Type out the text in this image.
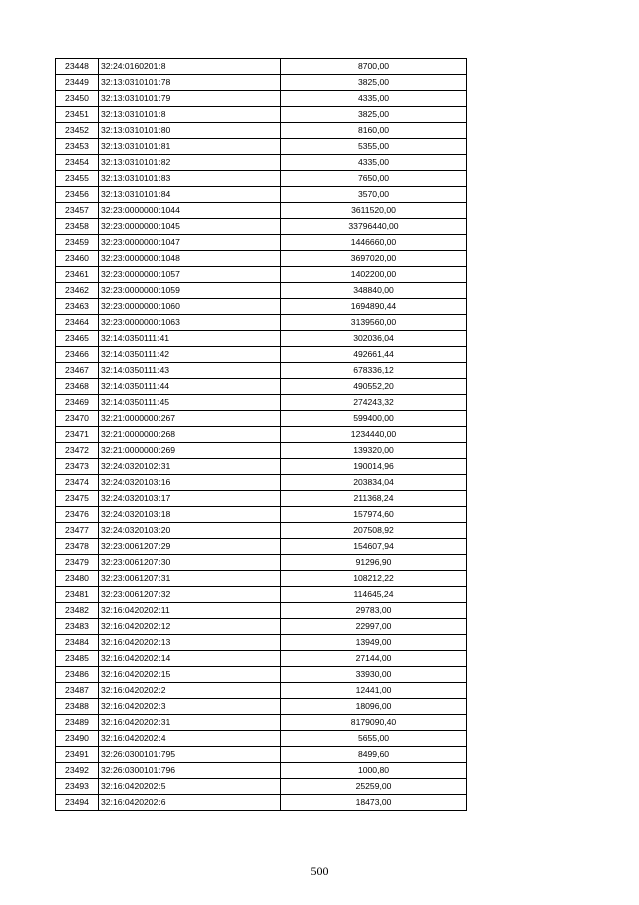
23448	32:24:0160201:8	8700,00
23449	32:13:0310101:78	3825,00
23450	32:13:0310101:79	4335,00
23451	32:13:0310101:8	3825,00
23452	32:13:0310101:80	8160,00
23453	32:13:0310101:81	5355,00
23454	32:13:0310101:82	4335,00
23455	32:13:0310101:83	7650,00
23456	32:13:0310101:84	3570,00
23457	32:23:0000000:1044	3611520,00
23458	32:23:0000000:1045	33796440,00
23459	32:23:0000000:1047	1446660,00
23460	32:23:0000000:1048	3697020,00
23461	32:23:0000000:1057	1402200,00
23462	32:23:0000000:1059	348840,00
23463	32:23:0000000:1060	1694890,44
23464	32:23:0000000:1063	3139560,00
23465	32:14:0350111:41	302036,04
23466	32:14:0350111:42	492661,44
23467	32:14:0350111:43	678336,12
23468	32:14:0350111:44	490552,20
23469	32:14:0350111:45	274243,32
23470	32:21:0000000:267	599400,00
23471	32:21:0000000:268	1234440,00
23472	32:21:0000000:269	139320,00
23473	32:24:0320102:31	190014,96
23474	32:24:0320103:16	203834,04
23475	32:24:0320103:17	211368,24
23476	32:24:0320103:18	157974,60
23477	32:24:0320103:20	207508,92
23478	32:23:0061207:29	154607,94
23479	32:23:0061207:30	91296,90
23480	32:23:0061207:31	108212,22
23481	32:23:0061207:32	114645,24
23482	32:16:0420202:11	29783,00
23483	32:16:0420202:12	22997,00
23484	32:16:0420202:13	13949,00
23485	32:16:0420202:14	27144,00
23486	32:16:0420202:15	33930,00
23487	32:16:0420202:2	12441,00
23488	32:16:0420202:3	18096,00
23489	32:16:0420202:31	8179090,40
23490	32:16:0420202:4	5655,00
23491	32:26:0300101:795	8499,60
23492	32:26:0300101:796	1000,80
23493	32:16:0420202:5	25259,00
23494	32:16:0420202:6	18473,00
500
